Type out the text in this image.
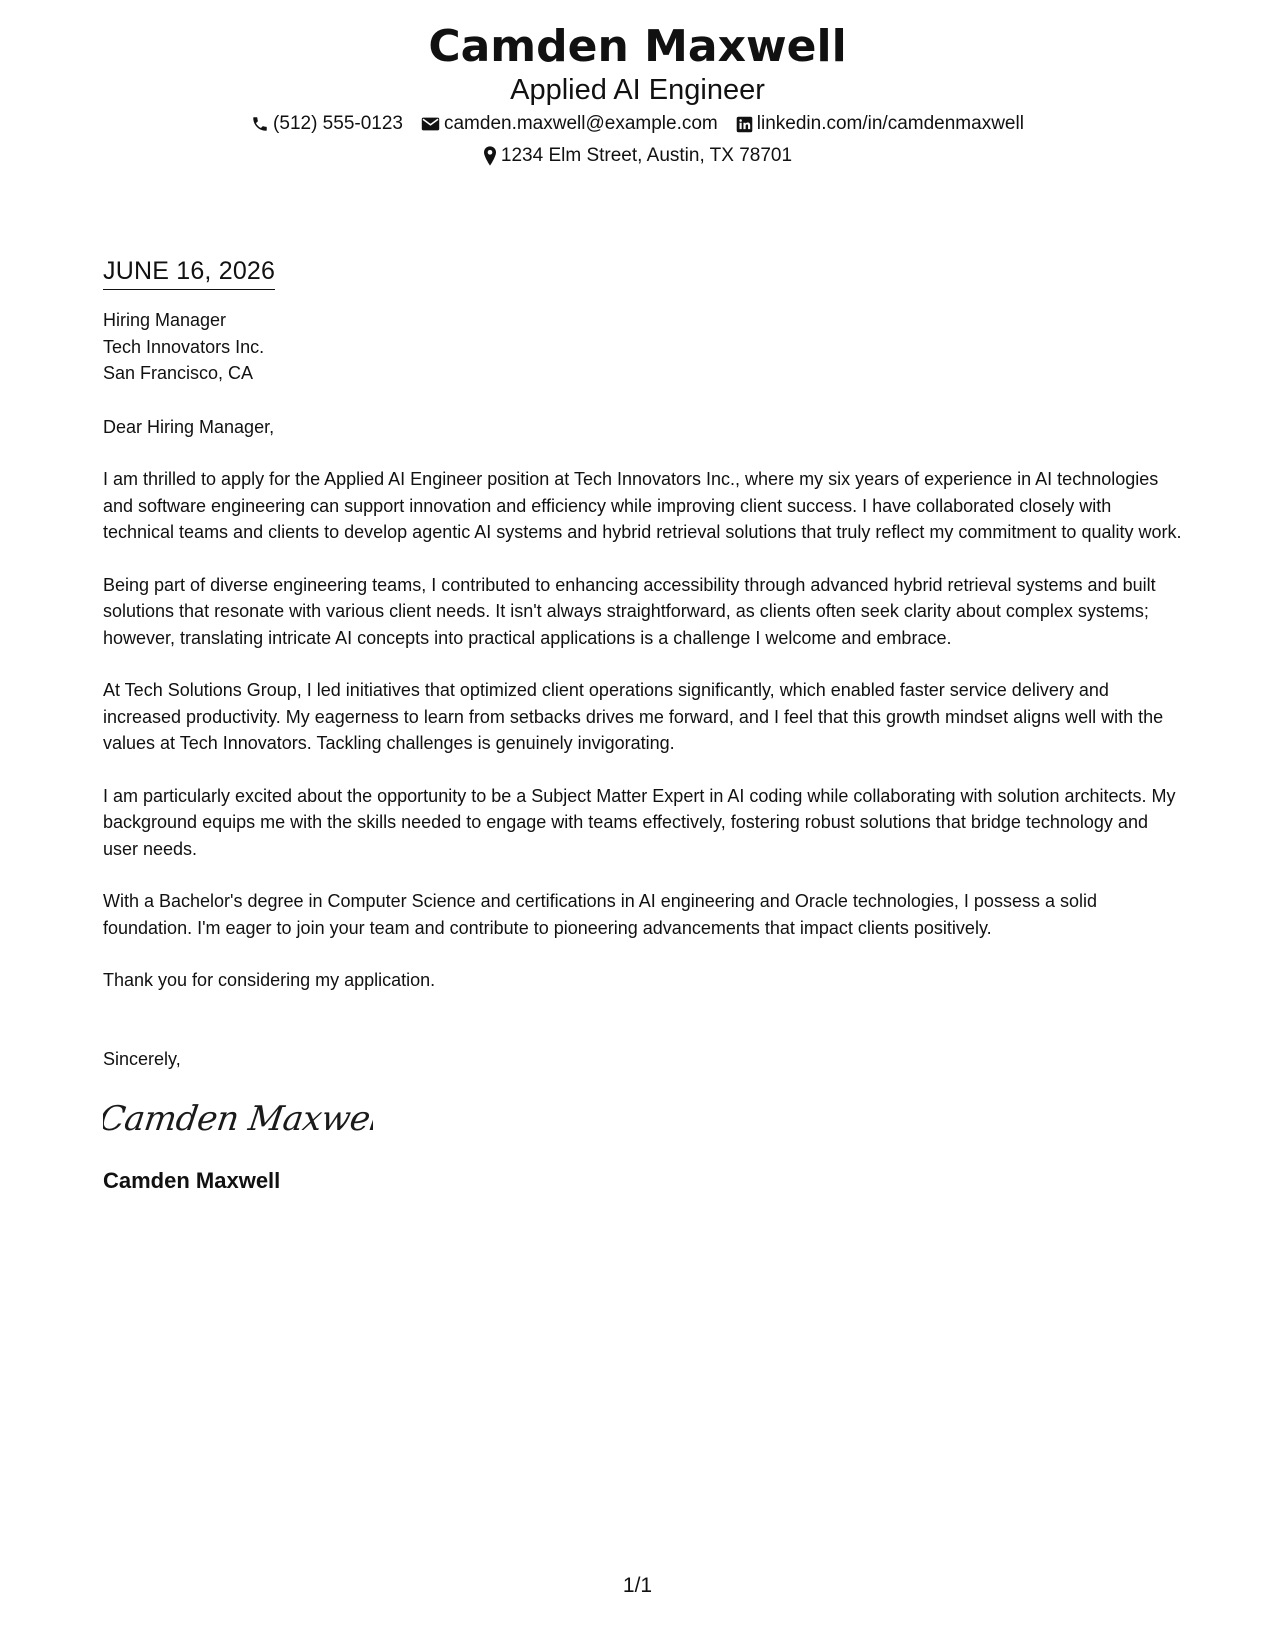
Camden Maxwell
Applied AI Engineer
(512) 555-0123 camden.maxwell@example.com linkedin.com/in/camdenmaxwell
1234 Elm Street, Austin, TX 78701
JUNE 16, 2026
Hiring Manager
Tech Innovators Inc.
San Francisco, CA
Dear Hiring Manager,

I am thrilled to apply for the Applied AI Engineer position at Tech Innovators Inc., where my six years of experience in AI technologies and software engineering can support innovation and efficiency while improving client success. I have collaborated closely with technical teams and clients to develop agentic AI systems and hybrid retrieval solutions that truly reflect my commitment to quality work.

Being part of diverse engineering teams, I contributed to enhancing accessibility through advanced hybrid retrieval systems and built solutions that resonate with various client needs. It isn't always straightforward, as clients often seek clarity about complex systems; however, translating intricate AI concepts into practical applications is a challenge I welcome and embrace.

At Tech Solutions Group, I led initiatives that optimized client operations significantly, which enabled faster service delivery and increased productivity. My eagerness to learn from setbacks drives me forward, and I feel that this growth mindset aligns well with the values at Tech Innovators. Tackling challenges is genuinely invigorating.

I am particularly excited about the opportunity to be a Subject Matter Expert in AI coding while collaborating with solution architects. My background equips me with the skills needed to engage with teams effectively, fostering robust solutions that bridge technology and user needs.

With a Bachelor's degree in Computer Science and certifications in AI engineering and Oracle technologies, I possess a solid foundation. I'm eager to join your team and contribute to pioneering advancements that impact clients positively.

Thank you for considering my application.

Sincerely,
Camden Maxwell
Camden Maxwell
1/1
